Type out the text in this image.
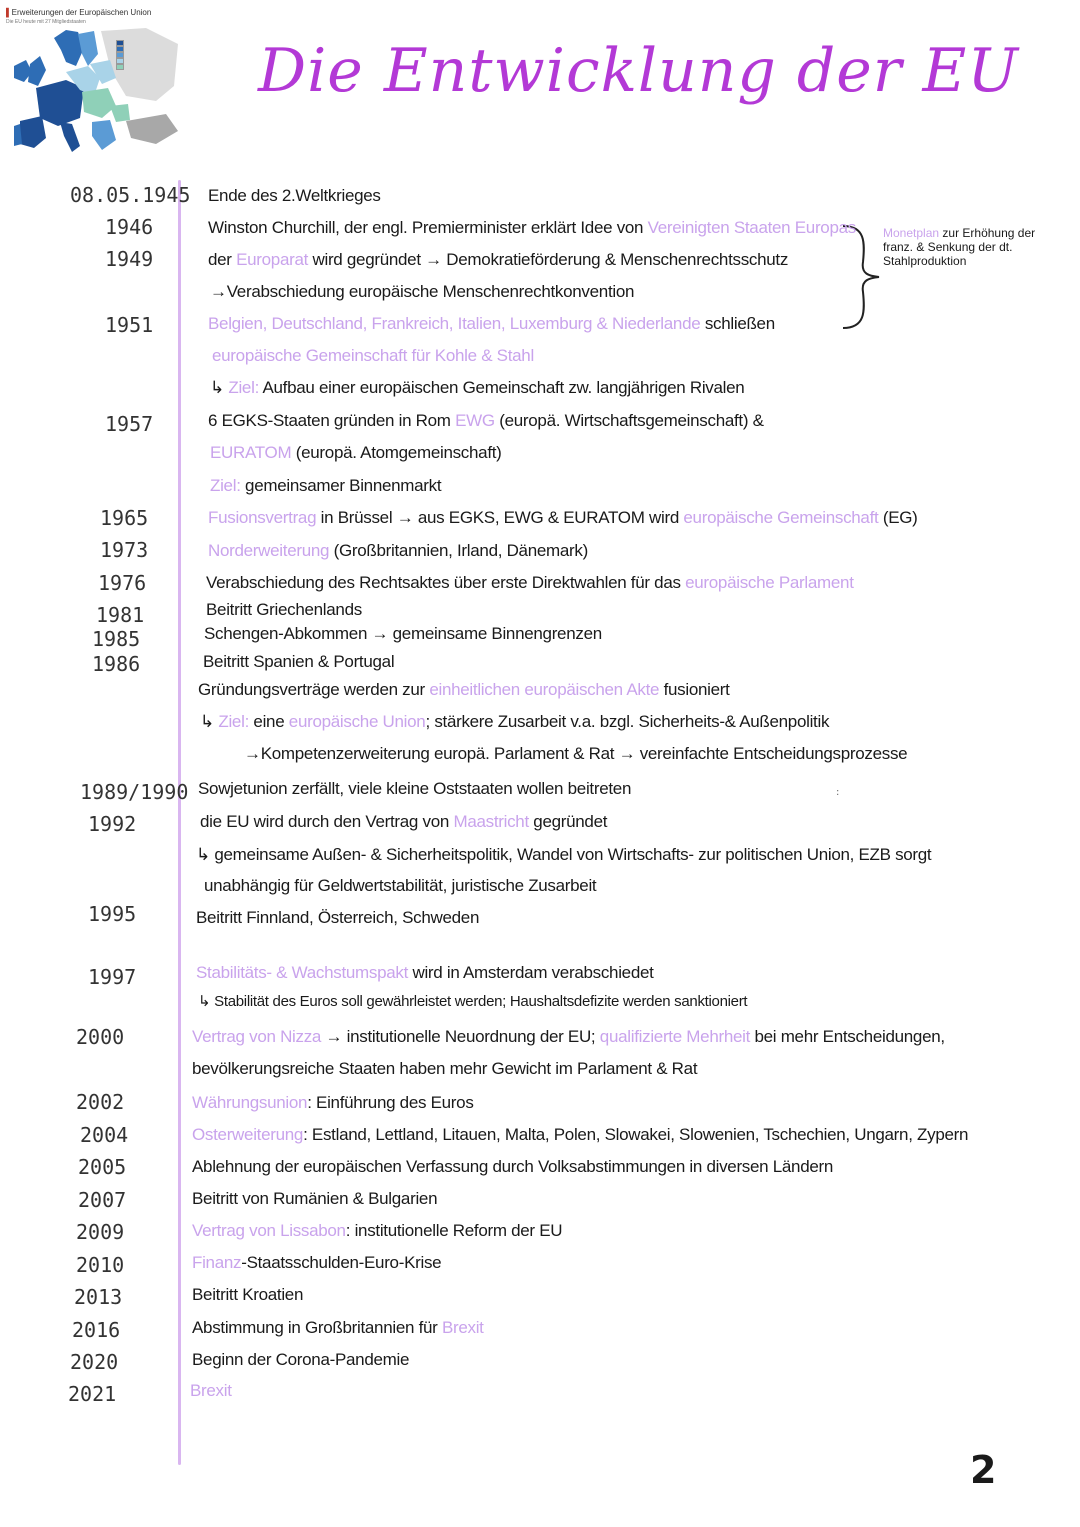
▌Erweiterungen der Europäischen Union
Die EU heute mit 27 Mitgliedstaaten
Die Entwicklung der EU
Monetplan zur Erhöhung der franz. & Senkung der dt. Stahlproduktion
08.05.1945 Ende des 2.Weltkrieges
1946	Winston Churchill, der engl. Premierminister erklärt Idee von Vereinigten Staaten Europas
1949	der Europarat wird gegründet → Demokratieförderung & Menschenrechtsschutz
→Verabschiedung europäische Menschenrechtkonvention
1951	Belgien, Deutschland, Frankreich, Italien, Luxemburg & Niederlande schließen
europäische Gemeinschaft für Kohle & Stahl
↳ Ziel: Aufbau einer europäischen Gemeinschaft zw. langjährigen Rivalen
1957	6 EGKS-Staaten gründen in Rom EWG (europä. Wirtschaftsgemeinschaft) &
EURATOM (europä. Atomgemeinschaft)
Ziel: gemeinsamer Binnenmarkt
1965	Fusionsvertrag in Brüssel → aus EGKS, EWG & EURATOM wird europäische Gemeinschaft (EG)
1973	Norderweiterung (Großbritannien, Irland, Dänemark)
1976	Verabschiedung des Rechtsaktes über erste Direktwahlen für das europäische Parlament
1981	Beitritt Griechenlands
1985	Schengen-Abkommen → gemeinsame Binnengrenzen
1986	Beitritt Spanien & Portugal
Gründungsverträge werden zur einheitlichen europäischen Akte fusioniert
↳ Ziel: eine europäische Union; stärkere Zusarbeit v.a. bzgl. Sicherheits-& Außenpolitik
→Kompetenzerweiterung europä. Parlament & Rat → vereinfachte Entscheidungsprozesse
1989/1990 Sowjetunion zerfällt, viele kleine Oststaaten wollen beitreten
1992	die EU wird durch den Vertrag von Maastricht gegründet
↳ gemeinsame Außen- & Sicherheitspolitik, Wandel von Wirtschafts- zur politischen Union, EZB sorgt
unabhängig für Geldwertstabilität, juristische Zusarbeit
1995	Beitritt Finnland, Österreich, Schweden
1997	Stabilitäts- & Wachstumspakt wird in Amsterdam verabschiedet
↳ Stabilität des Euros soll gewährleistet werden; Haushaltsdefizite werden sanktioniert
2000	Vertrag von Nizza → institutionelle Neuordnung der EU; qualifizierte Mehrheit bei mehr Entscheidungen,
bevölkerungsreiche Staaten haben mehr Gewicht im Parlament & Rat
2002	Währungsunion: Einführung des Euros
2004	Osterweiterung: Estland, Lettland, Litauen, Malta, Polen, Slowakei, Slowenien, Tschechien, Ungarn, Zypern
2005	Ablehnung der europäischen Verfassung durch Volksabstimmungen in diversen Ländern
2007	Beitritt von Rumänien & Bulgarien
2009	Vertrag von Lissabon: institutionelle Reform der EU
2010	Finanz-Staatsschulden-Euro-Krise
2013	Beitritt Kroatien
2016	Abstimmung in Großbritannien für Brexit
2020	Beginn der Corona-Pandemie
2021	Brexit
:
2
